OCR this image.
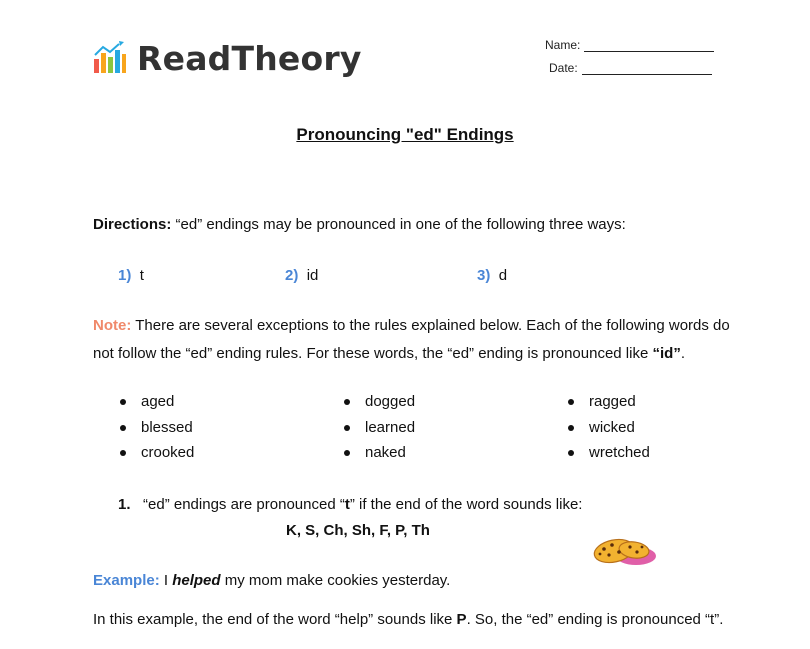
ReadTheory	Name:
Date:
Pronouncing "ed" Endings
Directions: “ed” endings may be pronounced in one of the following three ways:
1) t	2) id	3) d
Note: There are several exceptions to the rules explained below. Each of the following words do
not follow the “ed” ending rules. For these words, the “ed” ending is pronounced like “id”.
aged
blessed
crooked
dogged
learned
naked
ragged
wicked
wretched
1. “ed” endings are pronounced “t” if the end of the word sounds like:
K, S, Ch, Sh, F, P, Th
Example: I helped my mom make cookies yesterday.
In this example, the end of the word “help” sounds like P. So, the “ed” ending is pronounced “t”.
